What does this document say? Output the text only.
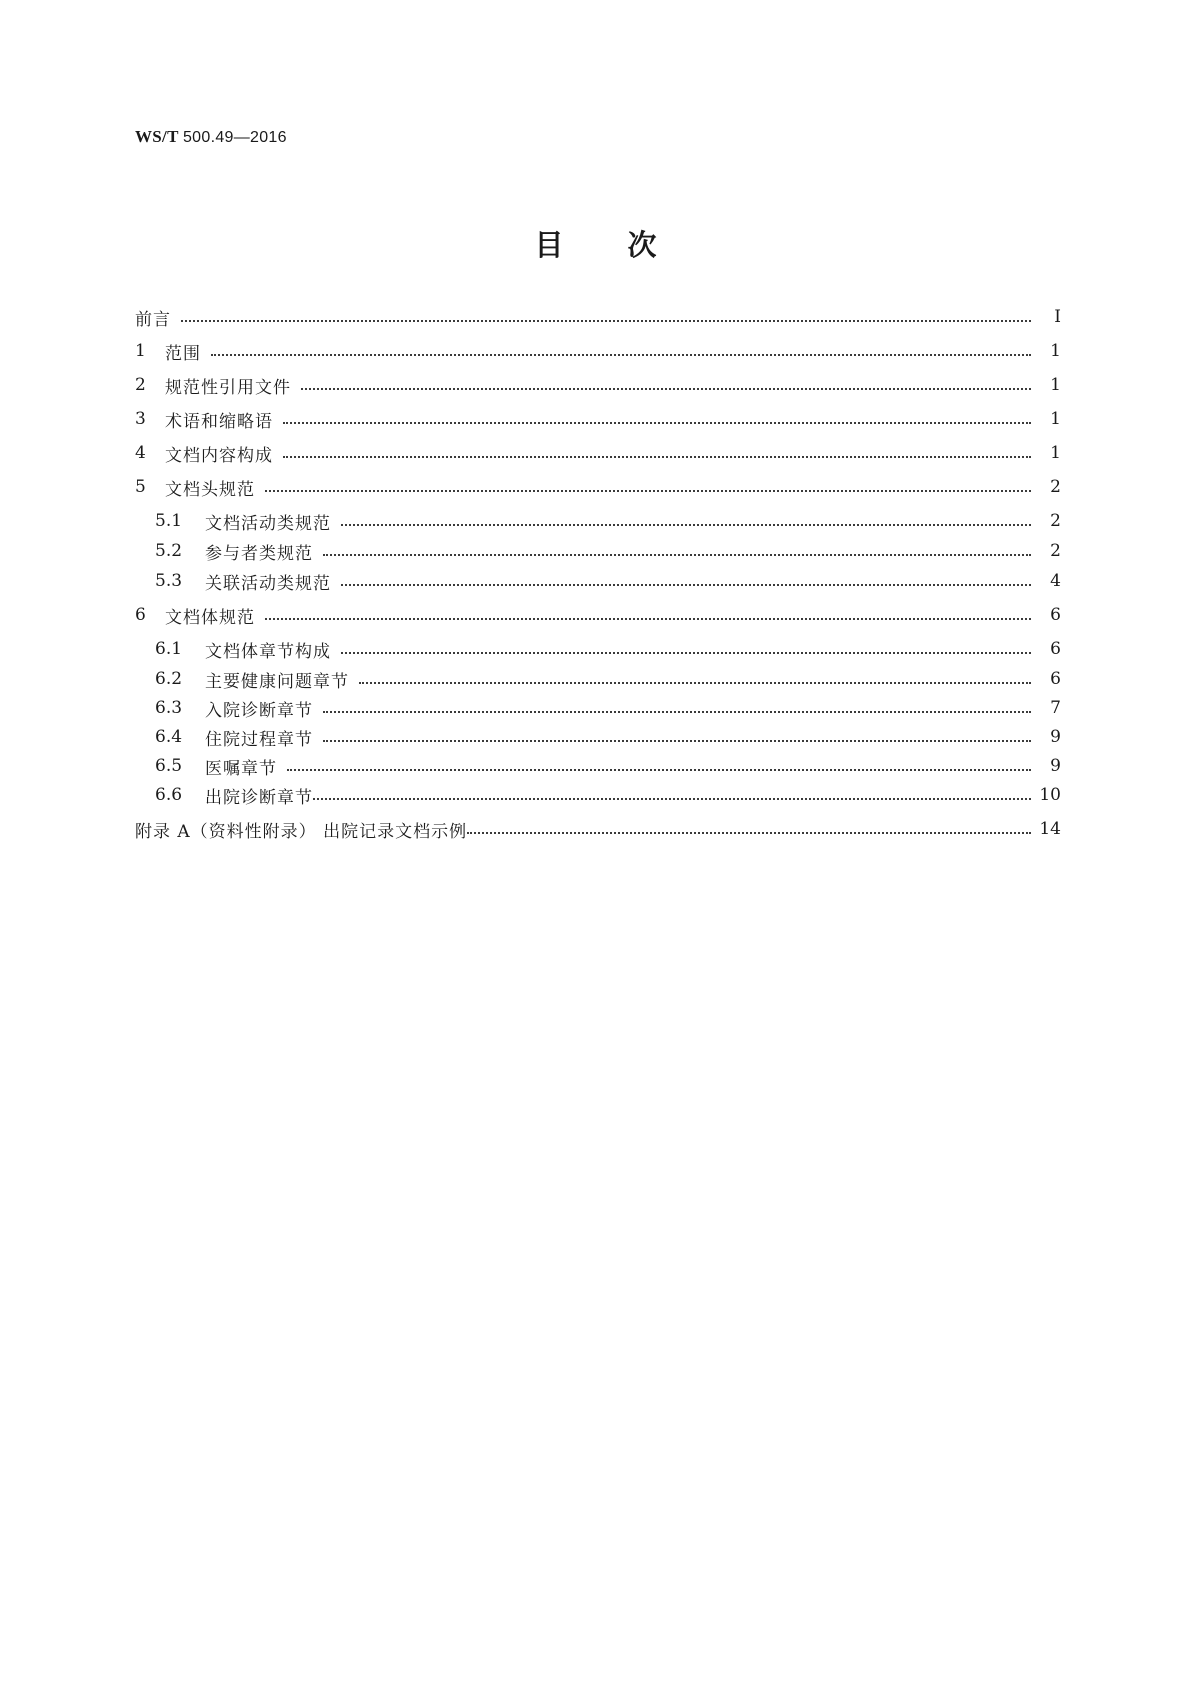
WS/T 500.49—2016
目次
前言	I
1	范围	1
2	规范性引用文件	1
3	术语和缩略语	1
4	文档内容构成	1
5	文档头规范	2
5.1	文档活动类规范	2
5.2	参与者类规范	2
5.3	关联活动类规范	4
6	文档体规范	6
6.1	文档体章节构成	6
6.2	主要健康问题章节	6
6.3	入院诊断章节	7
6.4	住院过程章节	9
6.5	医嘱章节	9
6.6	出院诊断章节	10
附录 A（资料性附录） 出院记录文档示例	14
